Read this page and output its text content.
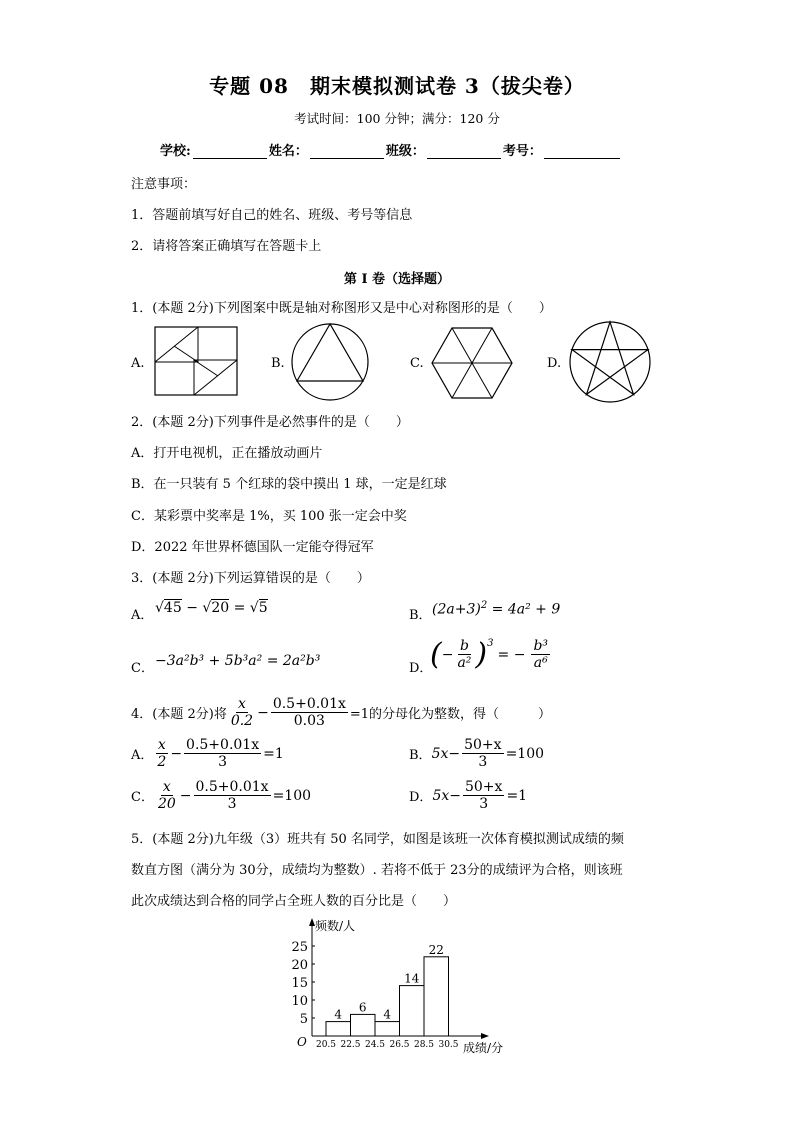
专题 08　期末模拟测试卷 3（拔尖卷）
考试时间：100 分钟；满分：120 分
学校:	姓名：	班级：	考号：
注意事项：
1．答题前填写好自己的姓名、班级、考号等信息
2．请将答案正确填写在答题卡上
第 I 卷（选择题）
1．(本题 2分)下列图案中既是轴对称图形又是中心对称图形的是（　　）
A.	B.	C.	D.
2．(本题 2分)下列事件是必然事件的是（　　）
A．打开电视机，正在播放动画片
B．在一只装有 5 个红球的袋中摸出 1 球，一定是红球
C．某彩票中奖率是 1%，买 100 张一定会中奖
D．2022 年世界杯德国队一定能夺得冠军
3．(本题 2分)下列运算错误的是（　　）
A． √45 − √20 = √5	B． $(2a+3)^2 = 4a^2 + 9$
C． −3a²b³ + 5b³a² = 2a²b³	D．
( − $\frac{b}{\text{a²}} )^3$
= − $\frac{\text{b³}}{\text{a⁶}}$
4．(本题 2分)将 $\frac{x}{0.2} - \frac{0.5+0.01x}{0.03} =1$的分母化为整数，得（　　　）
A． $\frac{x}{2} - \frac{0.5+0.01x}{3} =1$	B． $5x- \frac{50+x}{3} =100$
C． $\frac{x}{20} - \frac{0.5+0.01x}{3} =100$	D． $5x- \frac{50+x}{3} =1$
5．(本题 2分)九年级（3）班共有 50 名同学，如图是该班一次体育模拟测试成绩的频
数直方图（满分为 30分，成绩均为整数）. 若将不低于 23分的成绩评为合格，则该班
此次成绩达到合格的同学占全班人数的百分比是（　　）
频数/人
成绩/分
O
5
10
15
20
25
20.5 22.5 24.5 26.5 28.5 30.5
4
6
4
14
22
